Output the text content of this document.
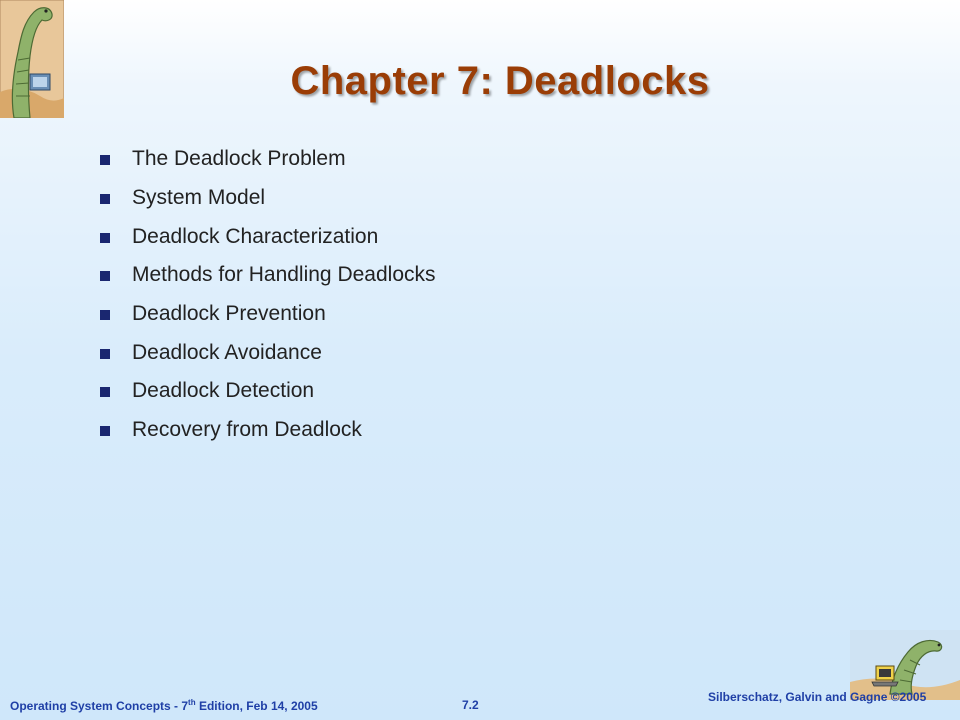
Chapter 7: Deadlocks
The Deadlock Problem
System Model
Deadlock Characterization
Methods for Handling Deadlocks
Deadlock Prevention
Deadlock Avoidance
Deadlock Detection
Recovery from Deadlock
Operating System Concepts - 7th Edition, Feb 14, 2005	7.2
Silberschatz, Galvin and Gagne ©2005
